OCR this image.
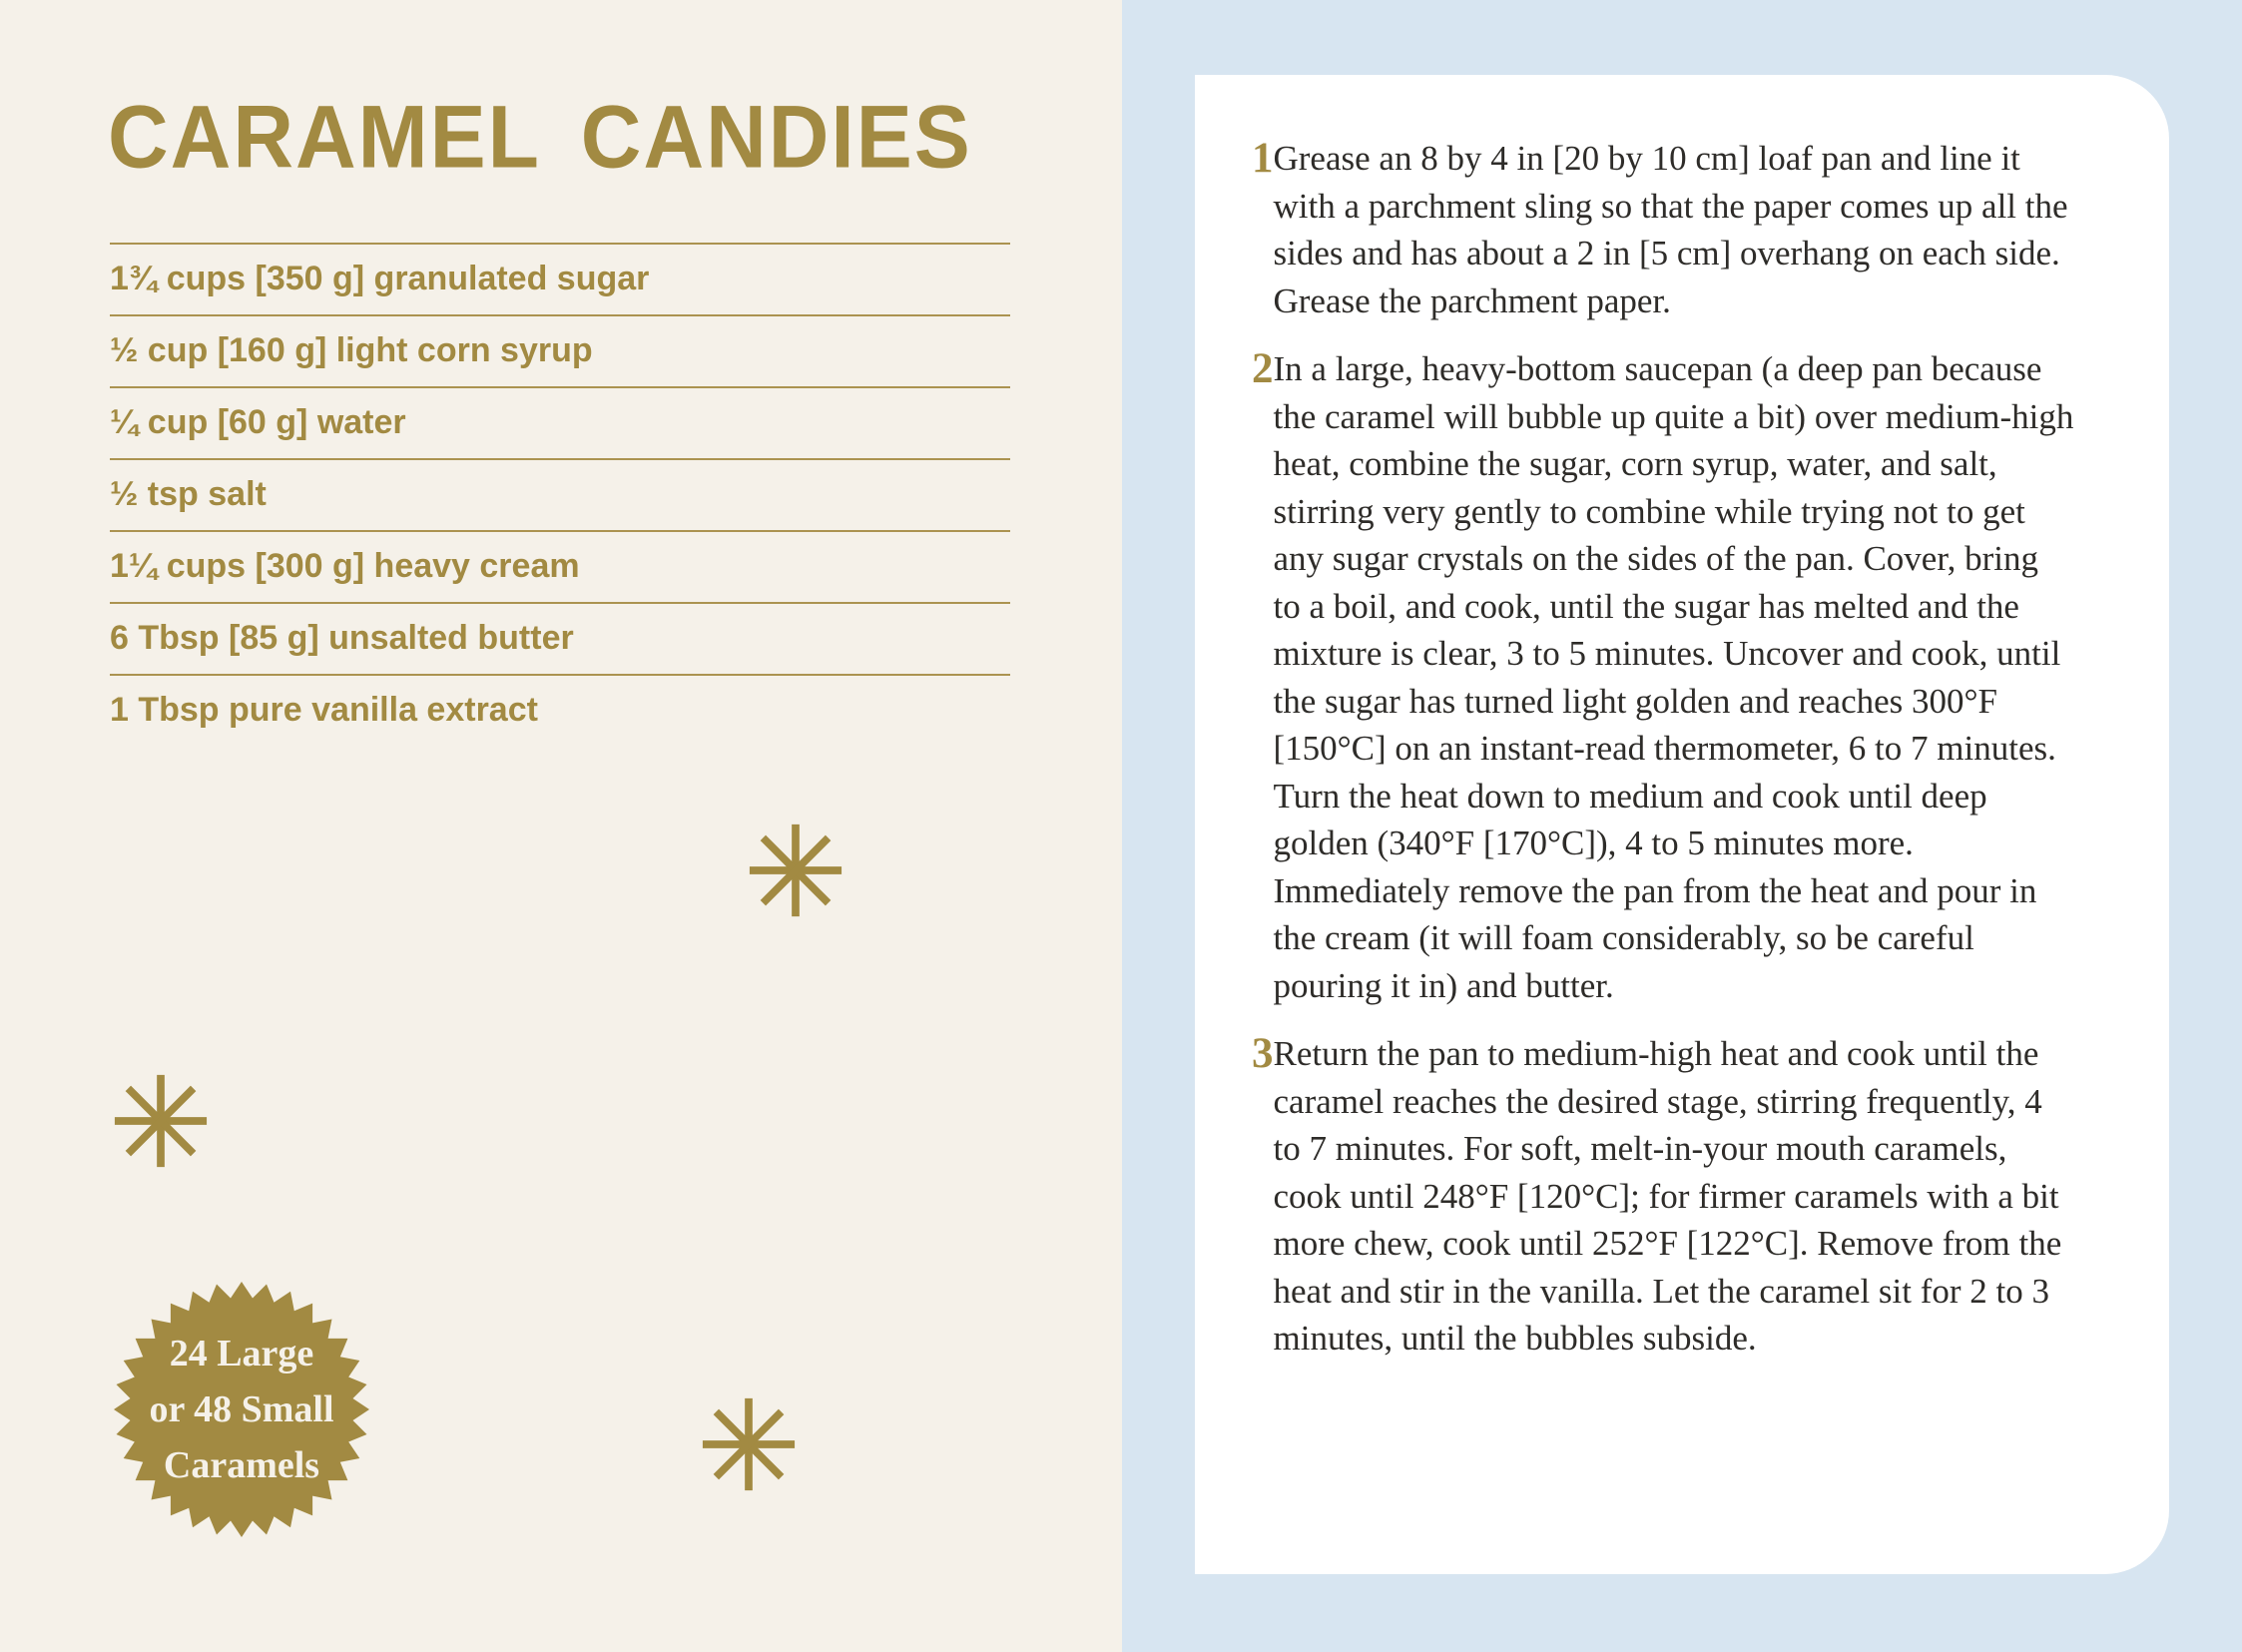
CARAMEL CANDIES
1¾ cups [350 g] granulated sugar
½ cup [160 g] light corn syrup
¼ cup [60 g] water
½ tsp salt
1¼ cups [300 g] heavy cream
6 Tbsp [85 g] unsalted butter
1 Tbsp pure vanilla extract
24 Large
or 48 Small
Caramels
1 Grease an 8 by 4 in [20 by 10 cm] loaf pan and line it with a parchment sling so that the paper comes up all the sides and has about a 2 in [5 cm] overhang on each side. Grease the parchment paper.

2 In a large, heavy-bottom saucepan (a deep pan because the caramel will bubble up quite a bit) over medium-high heat, combine the sugar, corn syrup, water, and salt, stirring very gently to combine while trying not to get any sugar crystals on the sides of the pan. Cover, bring to a boil, and cook, until the sugar has melted and the mixture is clear, 3 to 5 minutes. Uncover and cook, until the sugar has turned light golden and reaches 300°F [150°C] on an instant-read thermometer, 6 to 7 minutes. Turn the heat down to medium and cook until deep golden (340°F [170°C]), 4 to 5 minutes more. Immediately remove the pan from the heat and pour in the cream (it will foam considerably, so be careful pouring it in) and butter.

3 Return the pan to medium-high heat and cook until the caramel reaches the desired stage, stirring frequently, 4 to 7 minutes. For soft, melt-in-your mouth caramels, cook until 248°F [120°C]; for firmer caramels with a bit more chew, cook until 252°F [122°C]. Remove from the heat and stir in the vanilla. Let the caramel sit for 2 to 3 minutes, until the bubbles subside.
